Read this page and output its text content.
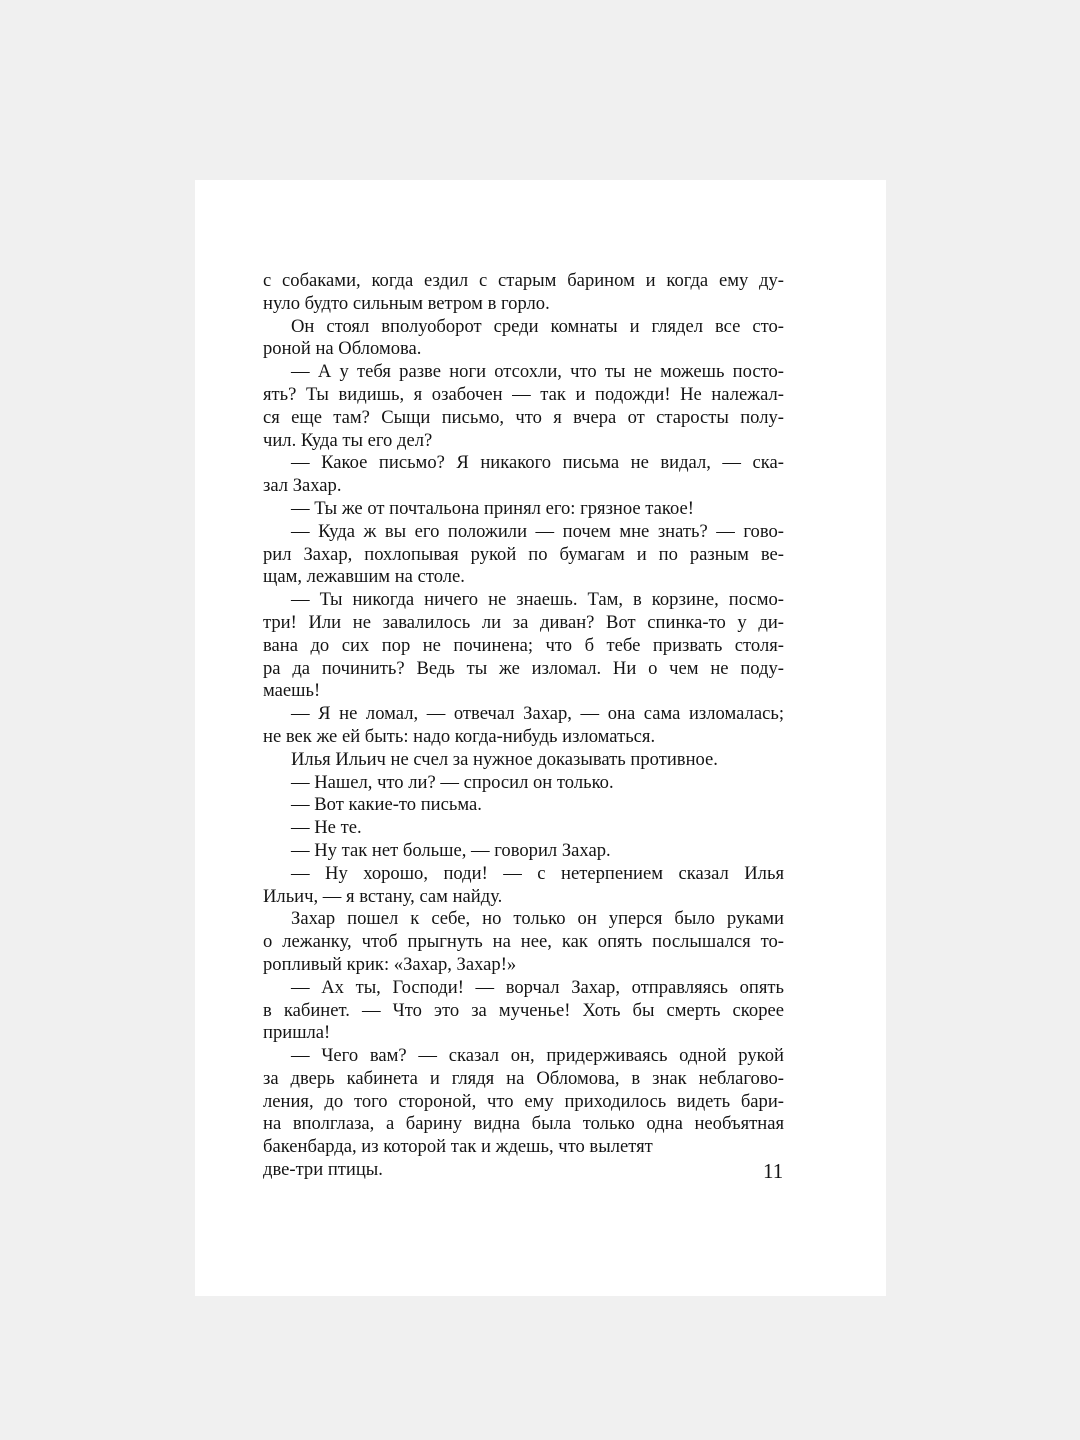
с собаками, когда ездил с старым барином и когда ему ду-
нуло будто сильным ветром в горло.
Он стоял вполуоборот среди комнаты и глядел все сто-
роной на Обломова.
— А у тебя разве ноги отсохли, что ты не можешь посто-
ять? Ты видишь, я озабочен — так и подожди! Не належал-
ся еще там? Сыщи письмо, что я вчера от старосты полу-
чил. Куда ты его дел?
— Какое письмо? Я никакого письма не видал, — ска-
зал Захар.
— Ты же от почтальона принял его: грязное такое!
— Куда ж вы его положили — почем мне знать? — гово-
рил Захар, похлопывая рукой по бумагам и по разным ве-
щам, лежавшим на столе.
— Ты никогда ничего не знаешь. Там, в корзине, посмо-
три! Или не завалилось ли за диван? Вот спинка-то у ди-
вана до сих пор не починена; что б тебе призвать столя-
ра да починить? Ведь ты же изломал. Ни о чем не поду-
маешь!
— Я не ломал, — отвечал Захар, — она сама изломалась;
не век же ей быть: надо когда-нибудь изломаться.
Илья Ильич не счел за нужное доказывать противное.
— Нашел, что ли? — спросил он только.
— Вот какие-то письма.
— Не те.
— Ну так нет больше, — говорил Захар.
— Ну хорошо, поди! — с нетерпением сказал Илья
Ильич, — я встану, сам найду.
Захар пошел к себе, но только он уперся было руками
о лежанку, чтоб прыгнуть на нее, как опять послышался то-
ропливый крик: «Захар, Захар!»
— Ах ты, Господи! — ворчал Захар, отправляясь опять
в кабинет. — Что это за мученье! Хоть бы смерть скорее
пришла!
— Чего вам? — сказал он, придерживаясь одной рукой
за дверь кабинета и глядя на Обломова, в знак неблагово-
ления, до того стороной, что ему приходилось видеть бари-
на вполглаза, а барину видна была только одна необъятная
бакенбарда, из которой так и ждешь, что вылетят
две-три птицы.	11
